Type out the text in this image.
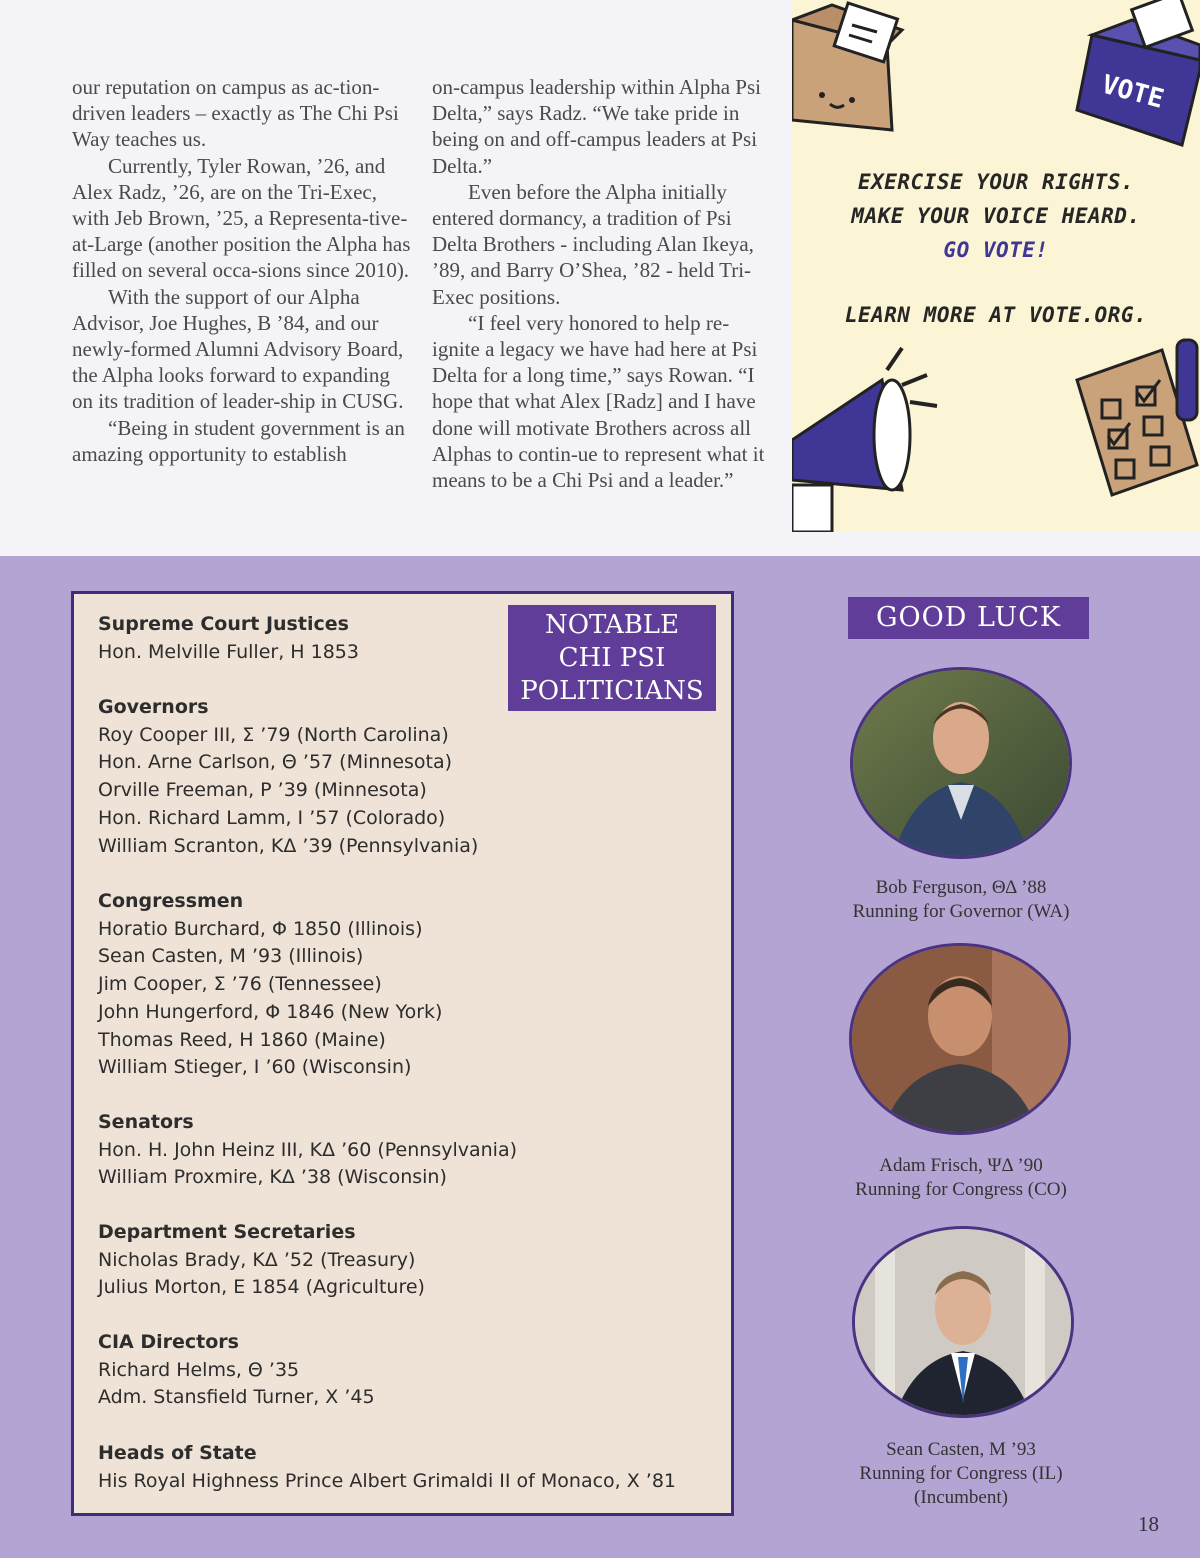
our reputation on campus as ac-tion-driven leaders – exactly as The Chi Psi Way teaches us.

Currently, Tyler Rowan, ’26, and Alex Radz, ’26, are on the Tri-Exec, with Jeb Brown, ’25, a Representa-tive-at-Large (another position the Alpha has filled on several occa-sions since 2010).

With the support of our Alpha Advisor, Joe Hughes, B ’84, and our newly-formed Alumni Advisory Board, the Alpha looks forward to expanding on its tradition of leader-ship in CUSG.

“Being in student government is an amazing opportunity to establish

on-campus leadership within Alpha Psi Delta,” says Radz. “We take pride in being on and off-campus leaders at Psi Delta.”

Even before the Alpha initially entered dormancy, a tradition of Psi Delta Brothers - including Alan Ikeya, ’89, and Barry O’Shea, ’82 - held Tri-Exec positions.

“I feel very honored to help re-ignite a legacy we have had here at Psi Delta for a long time,” says Rowan. “I hope that what Alex [Radz] and I have done will motivate Brothers across all Alphas to contin-ue to represent what it means to be a Chi Psi and a leader.”

VOTE
EXERCISE YOUR RIGHTS.
MAKE YOUR VOICE HEARD.
GO VOTE!
LEARN MORE AT VOTE.ORG.
NOTABLE
CHI PSI
POLITICIANS
Supreme Court Justices
Hon. Melville Fuller, H 1853
Governors
Roy Cooper III, Σ ’79 (North Carolina)
Hon. Arne Carlson, Θ ’57 (Minnesota)
Orville Freeman, P ’39 (Minnesota)
Hon. Richard Lamm, I ’57 (Colorado)
William Scranton, KΔ ’39 (Pennsylvania)
Congressmen
Horatio Burchard, Φ 1850 (Illinois)
Sean Casten, M ’93 (Illinois)
Jim Cooper, Σ ’76 (Tennessee)
John Hungerford, Φ 1846 (New York)
Thomas Reed, H 1860 (Maine)
William Stieger, I ’60 (Wisconsin)
Senators
Hon. H. John Heinz III, KΔ ’60 (Pennsylvania)
William Proxmire, KΔ ’38 (Wisconsin)
Department Secretaries
Nicholas Brady, KΔ ’52 (Treasury)
Julius Morton, E 1854 (Agriculture)
CIA Directors
Richard Helms, Θ ’35
Adm. Stansfield Turner, X ’45
Heads of State
His Royal Highness Prince Albert Grimaldi II of Monaco, X ’81
GOOD LUCK
Bob Ferguson, ΘΔ ’88
Running for Governor (WA)
Adam Frisch, ΨΔ ’90
Running for Congress (CO)
Sean Casten, M ’93
Running for Congress (IL)
(Incumbent)
18
